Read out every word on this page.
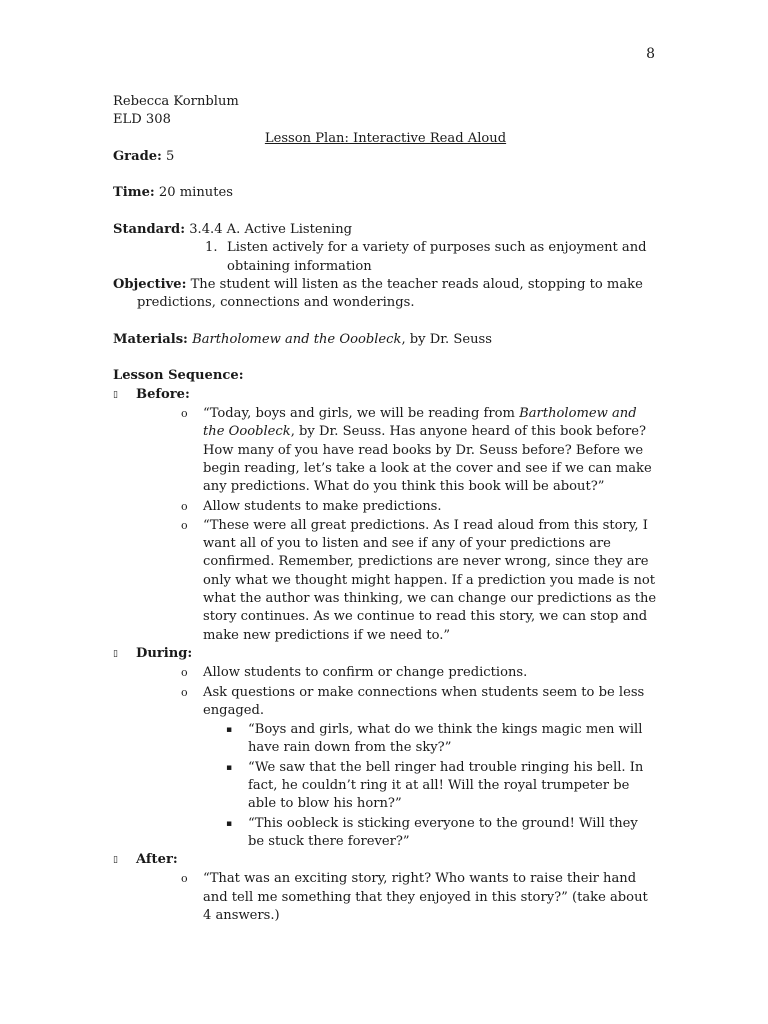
8

Rebecca Kornblum

ELD 308

Lesson Plan: Interactive Read Aloud

Grade: 5

Time: 20 minutes

Standard: 3.4.4 A. Active Listening

1. Listen actively for a variety of purposes such as enjoyment and obtaining information

Objective: The student will listen as the teacher reads aloud, stopping to make

predictions, connections and wonderings.

Materials: Bartholomew and the Ooobleck, by Dr. Seuss

Lesson Sequence:

▯	Before:
o	“Today, boys and girls, we will be reading from Bartholomew and the Ooobleck, by Dr. Seuss. Has anyone heard of this book before? How many of you have read books by Dr. Seuss before? Before we begin reading, let’s take a look at the cover and see if we can make any predictions. What do you think this book will be about?”
o	Allow students to make predictions.
o	“These were all great predictions. As I read aloud from this story, I want all of you to listen and see if any of your predictions are confirmed. Remember, predictions are never wrong, since they are only what we thought might happen. If a prediction you made is not what the author was thinking, we can change our predictions as the story continues. As we continue to read this story, we can stop and make new predictions if we need to.”
▯	During:
o	Allow students to confirm or change predictions.
o	Ask questions or make connections when students seem to be less engaged.
▪	“Boys and girls, what do we think the kings magic men will have rain down from the sky?”
▪	“We saw that the bell ringer had trouble ringing his bell. In fact, he couldn’t ring it at all! Will the royal trumpeter be able to blow his horn?”
▪	“This oobleck is sticking everyone to the ground! Will they be stuck there forever?”
▯	After:
o	“That was an exciting story, right? Who wants to raise their hand and tell me something that they enjoyed in this story?” (take about 4 answers.)
